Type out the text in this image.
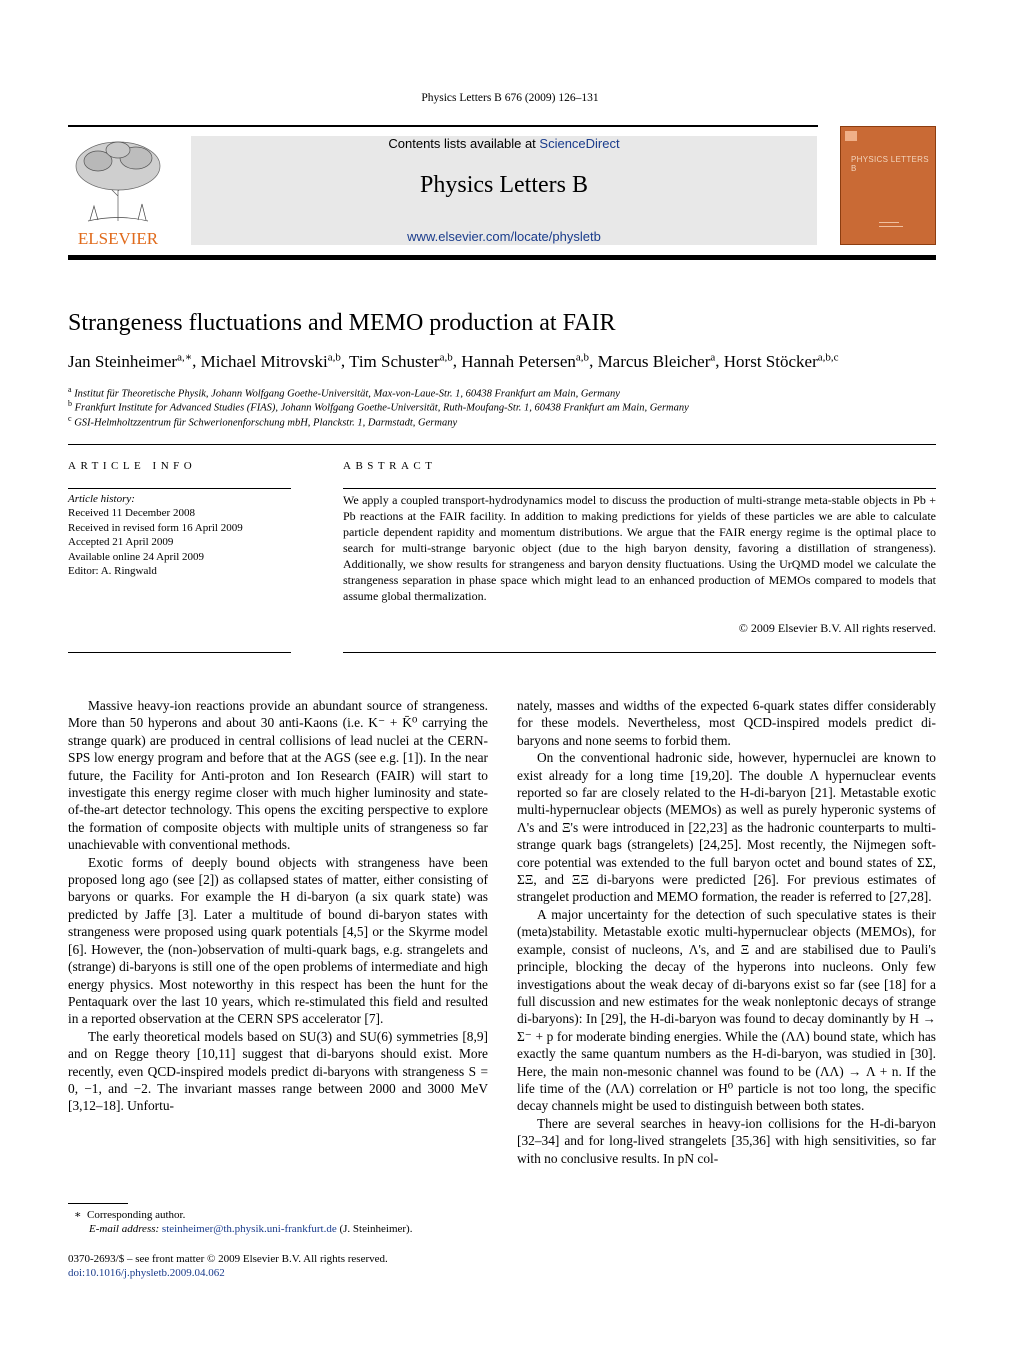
Physics Letters B 676 (2009) 126–131
ELSEVIER
Contents lists available at ScienceDirect
Physics Letters B
www.elsevier.com/locate/physletb
PHYSICS LETTERS B
Strangeness fluctuations and MEMO production at FAIR
Jan Steinheimer$^{a,∗}$, Michael Mitrovski$^{a,b}$, Tim Schuster$^{a,b}$, Hannah Petersen$^{a,b}$, Marcus Bleicher$^a$, Horst Stöcker$^{a,b,c}$
$^a$ Institut für Theoretische Physik, Johann Wolfgang Goethe-Universität, Max-von-Laue-Str. 1, 60438 Frankfurt am Main, Germany
$^b$ Frankfurt Institute for Advanced Studies (FIAS), Johann Wolfgang Goethe-Universität, Ruth-Moufang-Str. 1, 60438 Frankfurt am Main, Germany
$^c$ GSI-Helmholtzzentrum für Schwerionenforschung mbH, Planckstr. 1, Darmstadt, Germany
ARTICLE INFO
Article history:
Received 11 December 2008
Received in revised form 16 April 2009
Accepted 21 April 2009
Available online 24 April 2009
Editor: A. Ringwald
ABSTRACT
We apply a coupled transport-hydrodynamics model to discuss the production of multi-strange meta-stable objects in Pb + Pb reactions at the FAIR facility. In addition to making predictions for yields of these particles we are able to calculate particle dependent rapidity and momentum distributions. We argue that the FAIR energy regime is the optimal place to search for multi-strange baryonic object (due to the high baryon density, favoring a distillation of strangeness). Additionally, we show results for strangeness and baryon density fluctuations. Using the UrQMD model we calculate the strangeness separation in phase space which might lead to an enhanced production of MEMOs compared to models that assume global thermalization.
© 2009 Elsevier B.V. All rights reserved.

Massive heavy-ion reactions provide an abundant source of strangeness. More than 50 hyperons and about 30 anti-Kaons (i.e. K⁻ + K̄⁰ carrying the strange quark) are produced in central collisions of lead nuclei at the CERN-SPS low energy program and before that at the AGS (see e.g. [1]). In the near future, the Facility for Anti-proton and Ion Research (FAIR) will start to investigate this energy regime closer with much higher luminosity and state-of-the-art detector technology. This opens the exciting perspective to explore the formation of composite objects with multiple units of strangeness so far unachievable with conventional methods.

Exotic forms of deeply bound objects with strangeness have been proposed long ago (see [2]) as collapsed states of matter, either consisting of baryons or quarks. For example the H di-baryon (a six quark state) was predicted by Jaffe [3]. Later a multitude of bound di-baryon states with strangeness were proposed using quark potentials [4,5] or the Skyrme model [6]. However, the (non-)observation of multi-quark bags, e.g. strangelets and (strange) di-baryons is still one of the open problems of intermediate and high energy physics. Most noteworthy in this respect has been the hunt for the Pentaquark over the last 10 years, which re-stimulated this field and resulted in a reported observation at the CERN SPS accelerator [7].

The early theoretical models based on SU(3) and SU(6) symmetries [8,9] and on Regge theory [10,11] suggest that di-baryons should exist. More recently, even QCD-inspired models predict di-baryons with strangeness S = 0, −1, and −2. The invariant masses range between 2000 and 3000 MeV [3,12–18]. Unfortu-

nately, masses and widths of the expected 6-quark states differ considerably for these models. Nevertheless, most QCD-inspired models predict di-baryons and none seems to forbid them.

On the conventional hadronic side, however, hypernuclei are known to exist already for a long time [19,20]. The double Λ hypernuclear events reported so far are closely related to the H-di-baryon [21]. Metastable exotic multi-hypernuclear objects (MEMOs) as well as purely hyperonic systems of Λ's and Ξ's were introduced in [22,23] as the hadronic counterparts to multi-strange quark bags (strangelets) [24,25]. Most recently, the Nijmegen soft-core potential was extended to the full baryon octet and bound states of ΣΣ, ΣΞ, and ΞΞ di-baryons were predicted [26]. For previous estimates of strangelet production and MEMO formation, the reader is referred to [27,28].

A major uncertainty for the detection of such speculative states is their (meta)stability. Metastable exotic multi-hypernuclear objects (MEMOs), for example, consist of nucleons, Λ's, and Ξ and are stabilised due to Pauli's principle, blocking the decay of the hyperons into nucleons. Only few investigations about the weak decay of di-baryons exist so far (see [18] for a full discussion and new estimates for the weak nonleptonic decays of strange di-baryons): In [29], the H-di-baryon was found to decay dominantly by H → Σ⁻ + p for moderate binding energies. While the (ΛΛ) bound state, which has exactly the same quantum numbers as the H-di-baryon, was studied in [30]. Here, the main non-mesonic channel was found to be (ΛΛ) → Λ + n. If the life time of the (ΛΛ) correlation or H⁰ particle is not too long, the specific decay channels might be used to distinguish between both states.

There are several searches in heavy-ion collisions for the H-di-baryon [32–34] and for long-lived strangelets [35,36] with high sensitivities, so far with no conclusive results. In pN col-

∗ Corresponding author.
E-mail address: steinheimer@th.physik.uni-frankfurt.de (J. Steinheimer).
0370-2693/$ – see front matter © 2009 Elsevier B.V. All rights reserved.
doi:10.1016/j.physletb.2009.04.062
